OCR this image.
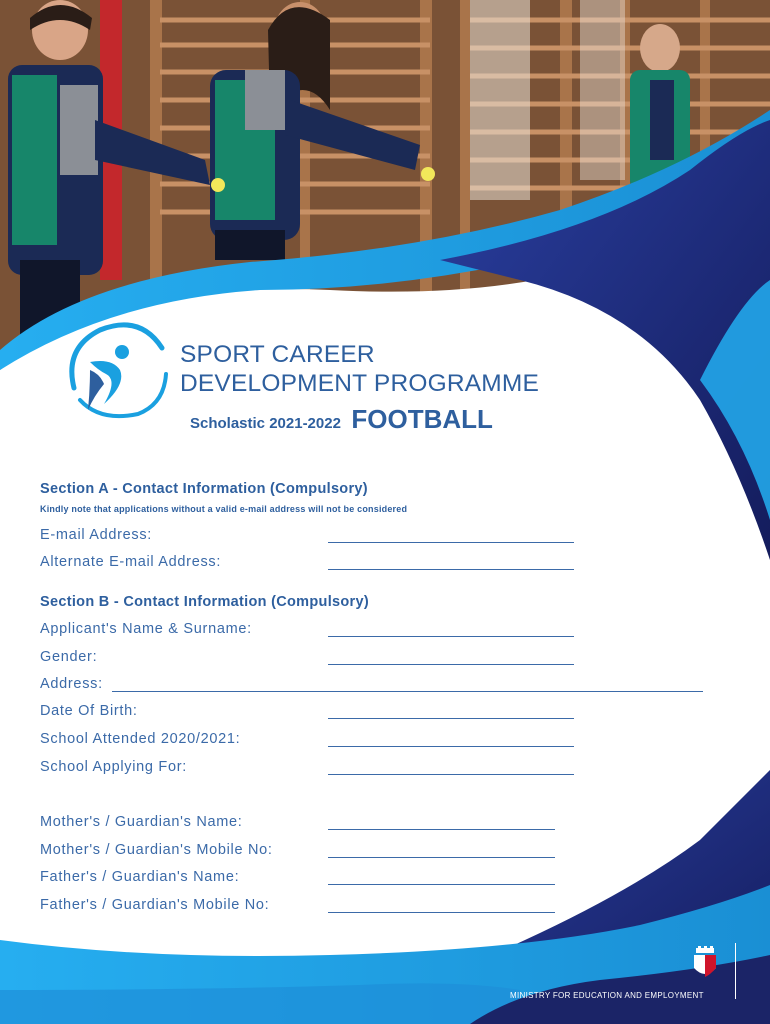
SPORT CAREER
DEVELOPMENT PROGRAMME
Scholastic 2021-2022 FOOTBALL
Section A - Contact Information (Compulsory)
Kindly note that applications without a valid e-mail address will not be considered
E-mail Address:
Alternate E-mail Address:
Section B - Contact Information (Compulsory)
Applicant's Name & Surname:
Gender:
Address:
Date Of Birth:
School Attended 2020/2021:
School Applying For:
Mother's / Guardian's Name:
Mother's / Guardian's Mobile No:
Father's / Guardian's Name:
Father's / Guardian's Mobile No:
MINISTRY FOR EDUCATION AND EMPLOYMENT
